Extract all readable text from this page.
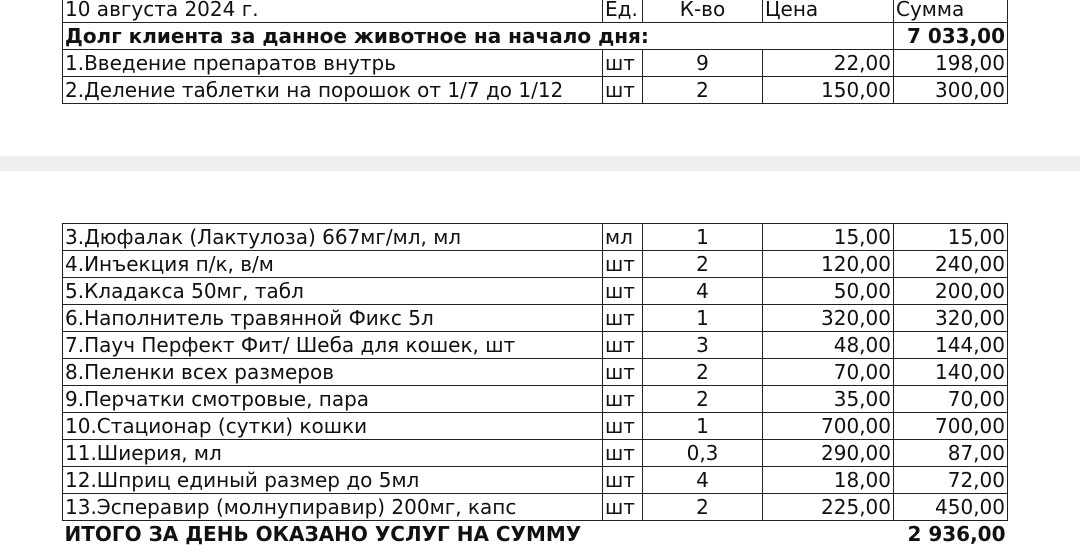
10 августа 2024 г.	Ед.	К-во	Цена	Сумма
Долг клиента за данное животное на начало дня:				7 033,00
1.Введение препаратов внутрь	шт	9	22,00	198,00
2.Деление таблетки на порошок от 1/7 до 1/12	шт	2	150,00	300,00
3.Дюфалак (Лактулоза) 667мг/мл, мл	мл	1	15,00	15,00
4.Инъекция п/к, в/м	шт	2	120,00	240,00
5.Кладакса 50мг, табл	шт	4	50,00	200,00
6.Наполнитель травянной Фикс 5л	шт	1	320,00	320,00
7.Пауч Перфект Фит/ Шеба для кошек, шт	шт	3	48,00	144,00
8.Пеленки всех размеров	шт	2	70,00	140,00
9.Перчатки смотровые, пара	шт	2	35,00	70,00
10.Стационар (сутки) кошки	шт	1	700,00	700,00
11.Шиерия, мл	шт	0,3	290,00	87,00
12.Шприц единый размер до 5мл	шт	4	18,00	72,00
13.Эсперавир (молнупиравир) 200мг, капс	шт	2	225,00	450,00
ИТОГО ЗА ДЕНЬ ОКАЗАНО УСЛУГ НА СУММУ				2 936,00
